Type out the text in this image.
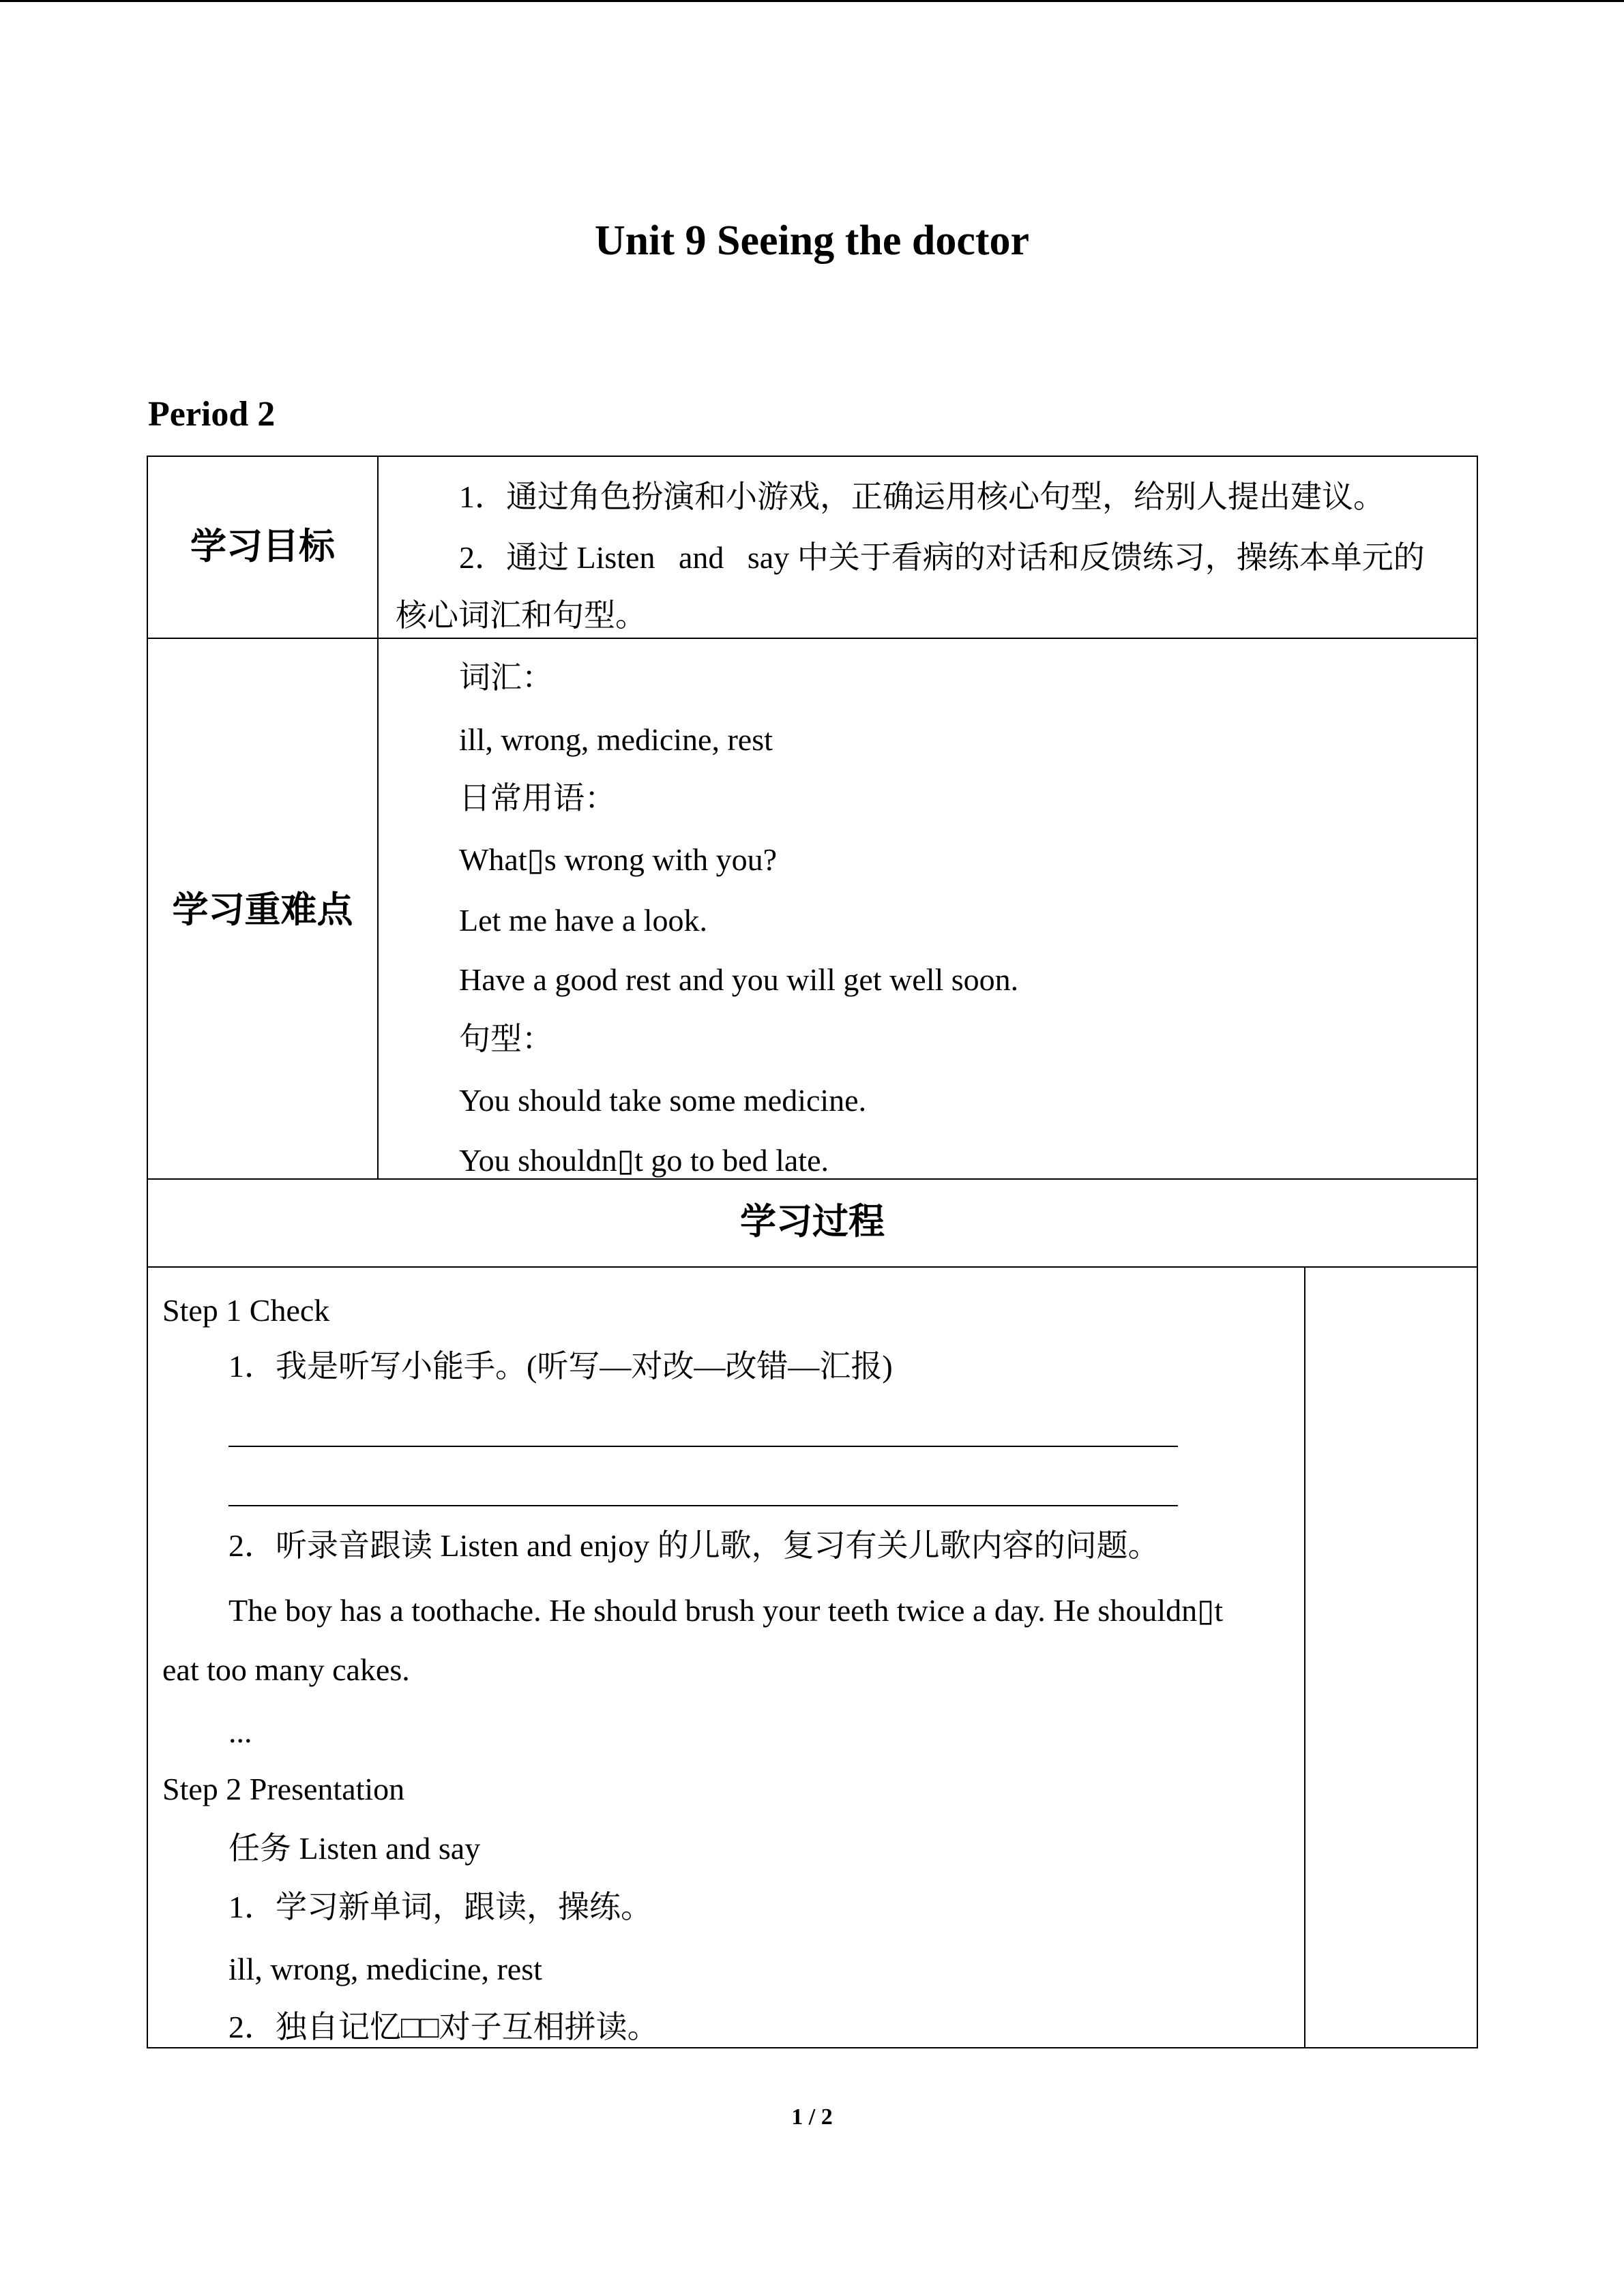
Unit 9 Seeing the doctor
Period 2
学习目标
1．通过角色扮演和小游戏，正确运用核心句型，给别人提出建议。
2．通过 Listen   and   say 中关于看病的对话和反馈练习，操练本单元的
核心词汇和句型。
学习重难点
词汇：
ill, wrong, medicine, rest
日常用语：
What▯s wrong with you?
Let me have a look.
Have a good rest and you will get well soon.
句型：
You should take some medicine.
You shouldn▯t go to bed late.
学习过程
Step 1 Check
1．我是听写小能手。(听写—对改—改错—汇报)
2．听录音跟读 Listen and enjoy 的儿歌，复习有关儿歌内容的问题。
The boy has a toothache. He should brush your teeth twice a day. He shouldn▯t
eat too many cakes.
...
Step 2 Presentation
任务 Listen and say
1．学习新单词，跟读，操练。
ill, wrong, medicine, rest
2．独自记忆□□对子互相拼读。
1 / 2
